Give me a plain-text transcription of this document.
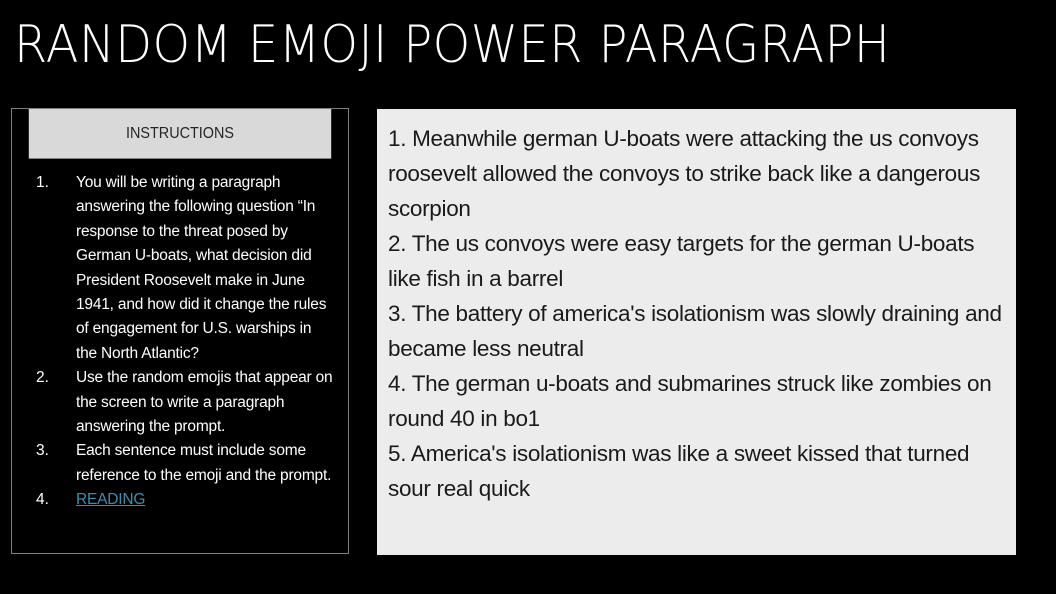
RANDOM EMOJI POWER PARAGRAPH
INSTRUCTIONS
1.	You will be writing a paragraph answering the following question “In response to the threat posed by German U-boats, what decision did President Roosevelt make in June 1941, and how did it change the rules of engagement for U.S. warships in the North Atlantic?
2.	Use the random emojis that appear on the screen to write a paragraph answering the prompt.
3.	Each sentence must include some reference to the emoji and the prompt.
4.	READING

1. Meanwhile german U-boats were attacking the us convoys roosevelt allowed the convoys to strike back like a dangerous scorpion

2. The us convoys were easy targets for the german U-boats like fish in a barrel

3. The battery of america's isolationism was slowly draining and became less neutral

4. The german u-boats and submarines struck like zombies on round 40 in bo1

5. America's isolationism was like a sweet kissed that turned sour real quick
